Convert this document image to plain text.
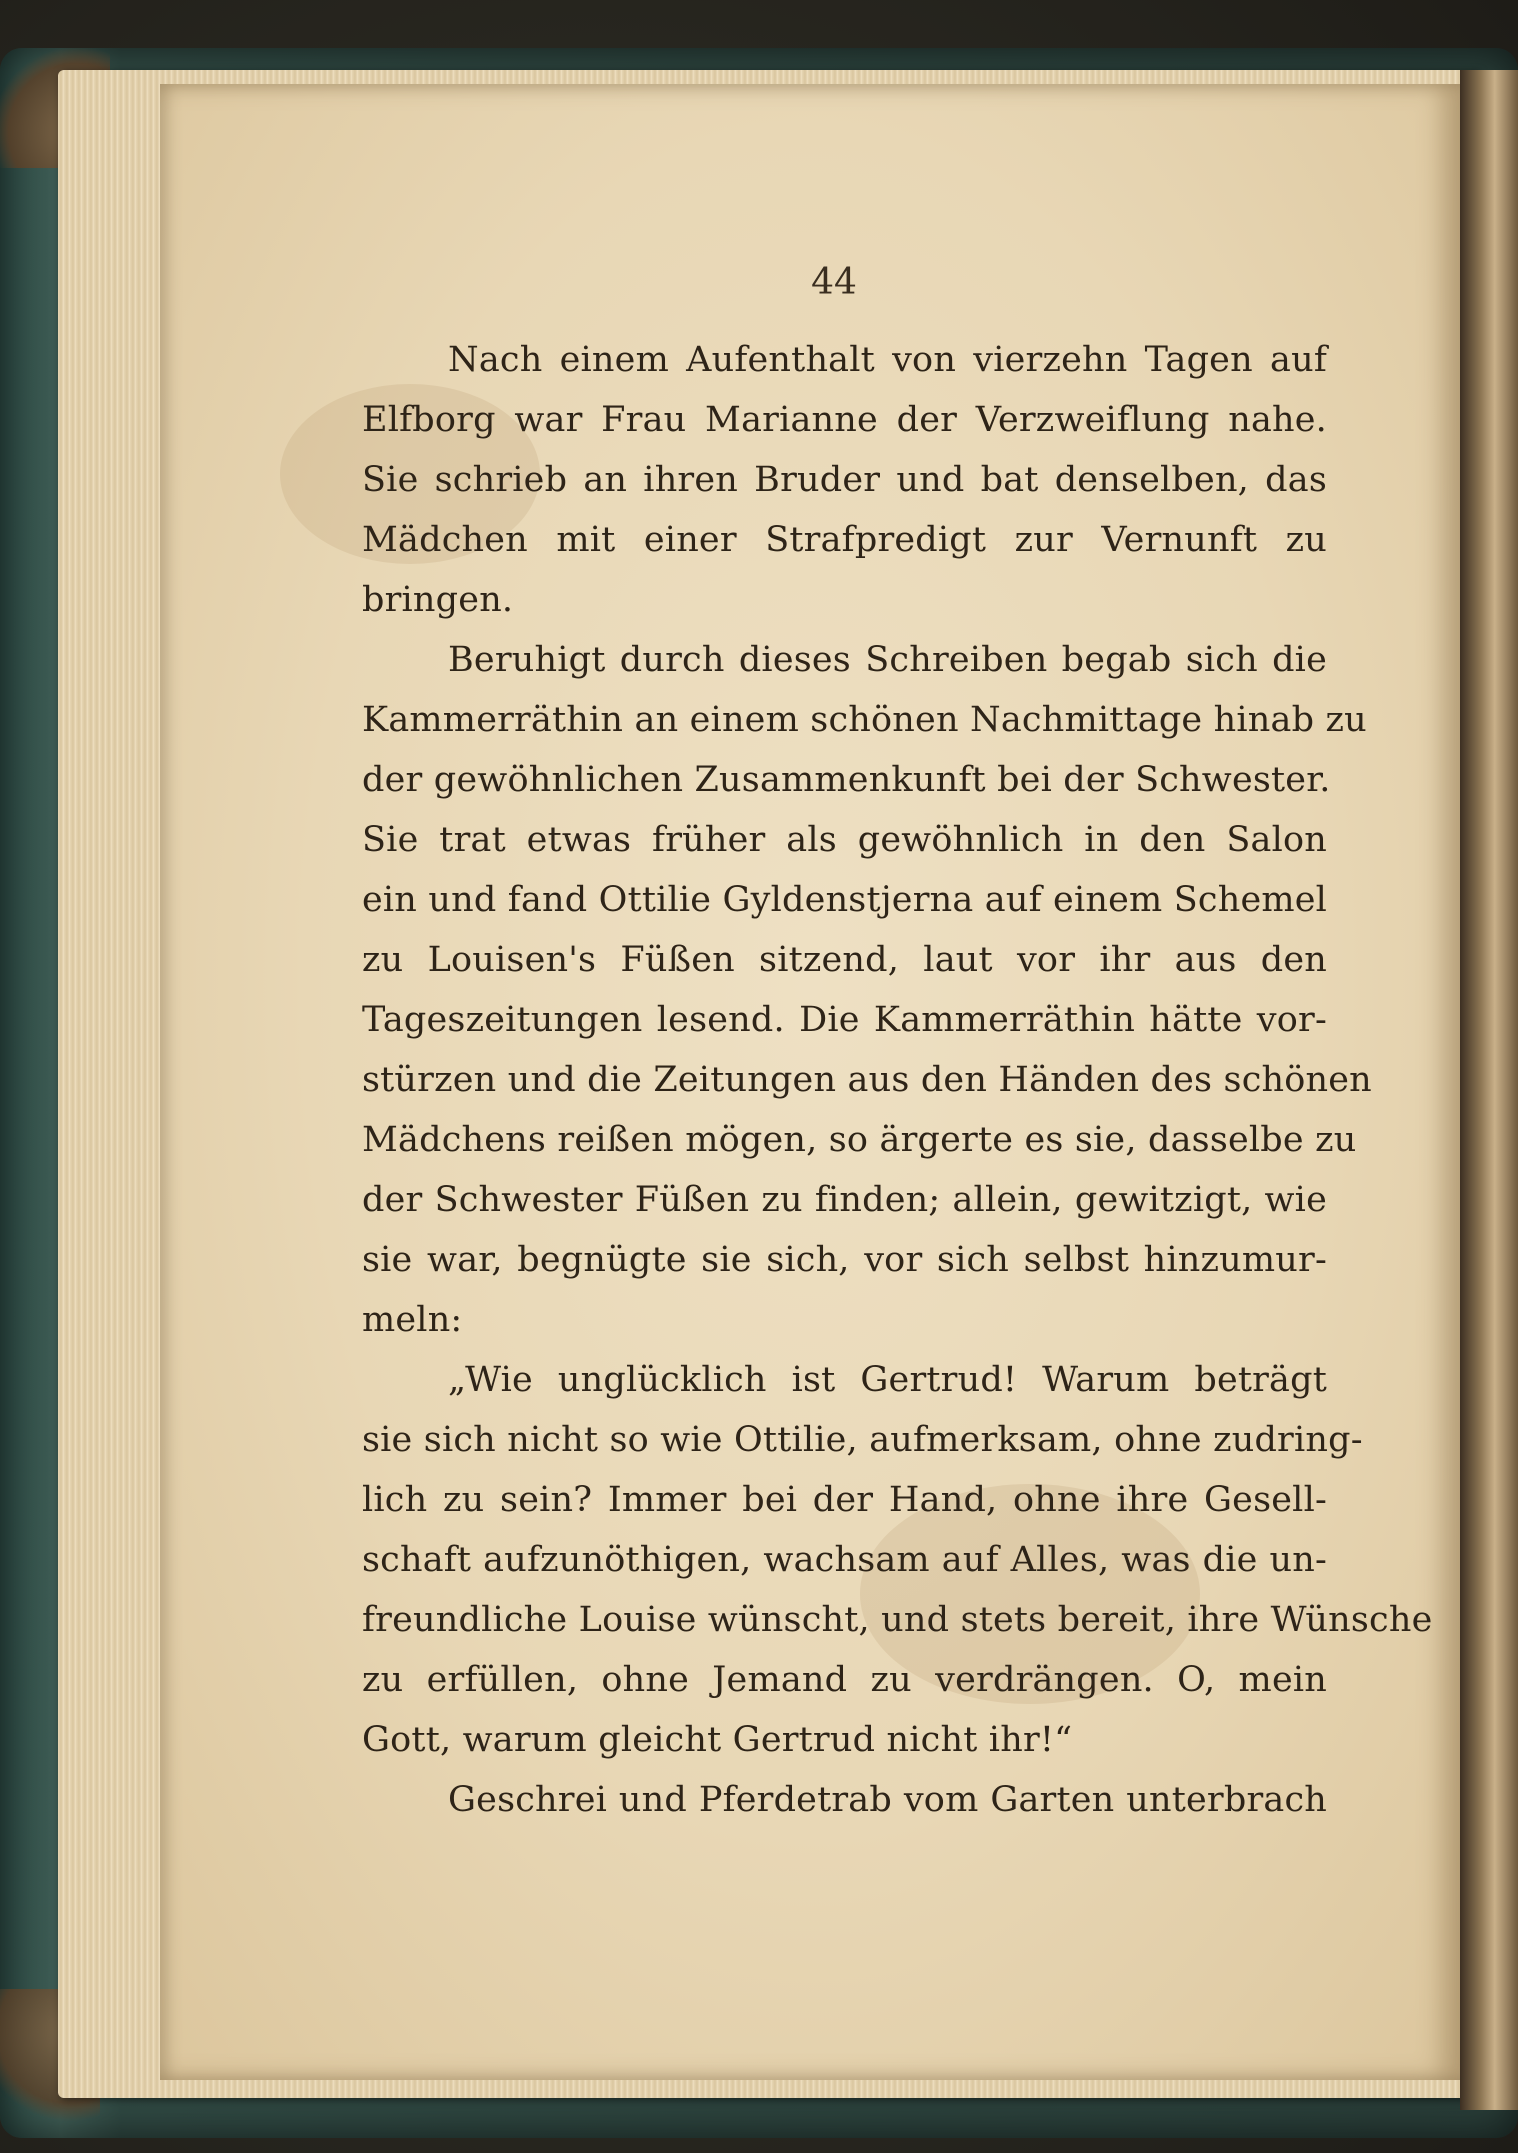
44
Nach einem Aufenthalt von vierzehn Tagen auf
Elfborg war Frau Marianne der Verzweiflung nahe.
Sie schrieb an ihren Bruder und bat denselben, das
Mädchen mit einer Strafpredigt zur Vernunft zu
bringen.
Beruhigt durch dieses Schreiben begab sich die
Kammerräthin an einem schönen Nachmittage hinab zu
der gewöhnlichen Zusammenkunft bei der Schwester.
Sie trat etwas früher als gewöhnlich in den Salon
ein und fand Ottilie Gyldenstjerna auf einem Schemel
zu Louisen's Füßen sitzend, laut vor ihr aus den
Tageszeitungen lesend. Die Kammerräthin hätte vor-
stürzen und die Zeitungen aus den Händen des schönen
Mädchens reißen mögen, so ärgerte es sie, dasselbe zu
der Schwester Füßen zu finden; allein, gewitzigt, wie
sie war, begnügte sie sich, vor sich selbst hinzumur-
meln:
„Wie unglücklich ist Gertrud! Warum beträgt
sie sich nicht so wie Ottilie, aufmerksam, ohne zudring-
lich zu sein? Immer bei der Hand, ohne ihre Gesell-
schaft aufzunöthigen, wachsam auf Alles, was die un-
freundliche Louise wünscht, und stets bereit, ihre Wünsche
zu erfüllen, ohne Jemand zu verdrängen. O, mein
Gott, warum gleicht Gertrud nicht ihr!“
Geschrei und Pferdetrab vom Garten unterbrach
